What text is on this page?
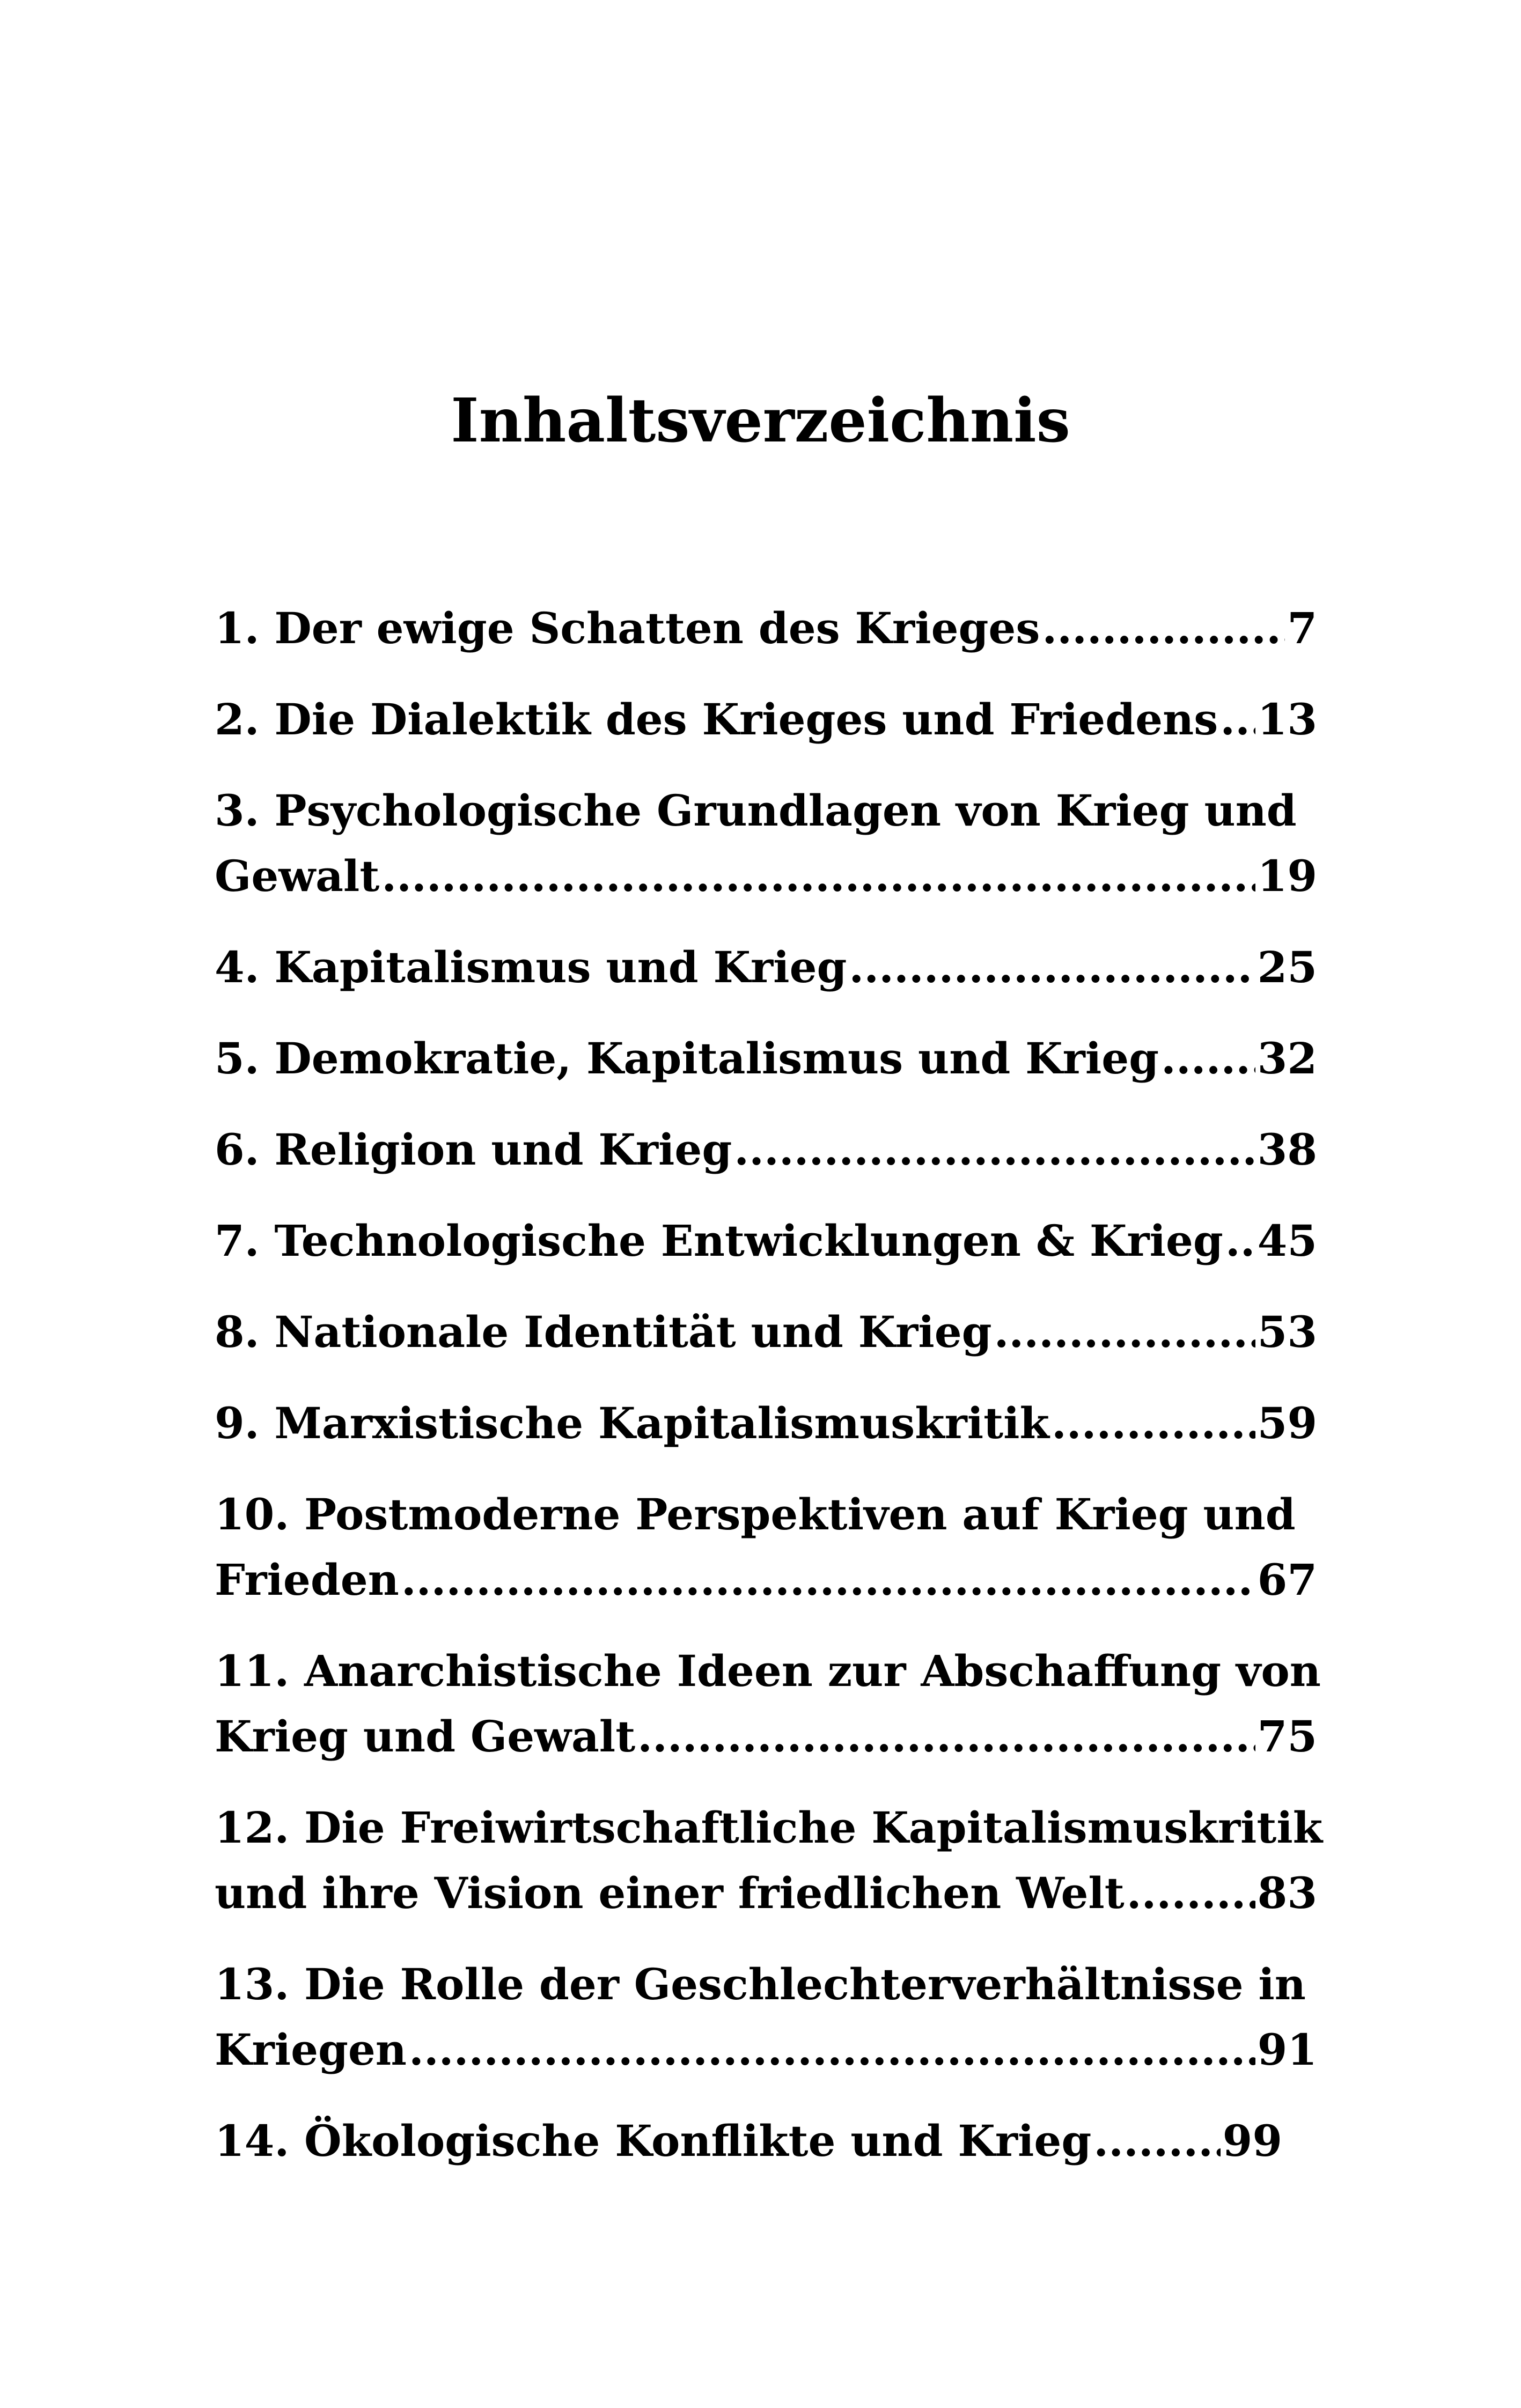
Inhaltsverzeichnis
1. Der ewige Schatten des Krieges .....	7
2. Die Dialektik des Krieges und Friedens ..... 13
3. Psychologische Grundlagen von Krieg und
Gewalt .....	19
4. Kapitalismus und Krieg .....	25
5. Demokratie, Kapitalismus und Krieg ..... 32
6. Religion und Krieg .....	38
7. Technologische Entwicklungen & Krieg ..... 45
8. Nationale Identität und Krieg .....	53
9. Marxistische Kapitalismuskritik .....	59
10. Postmoderne Perspektiven auf Krieg und
Frieden .....	67
11. Anarchistische Ideen zur Abschaffung von
Krieg und Gewalt .....	75
12. Die Freiwirtschaftliche Kapitalismuskritik
und ihre Vision einer friedlichen Welt .....	83
13. Die Rolle der Geschlechterverhältnisse in
Kriegen .....	91
14. Ökologische Konflikte und Krieg .....	99
